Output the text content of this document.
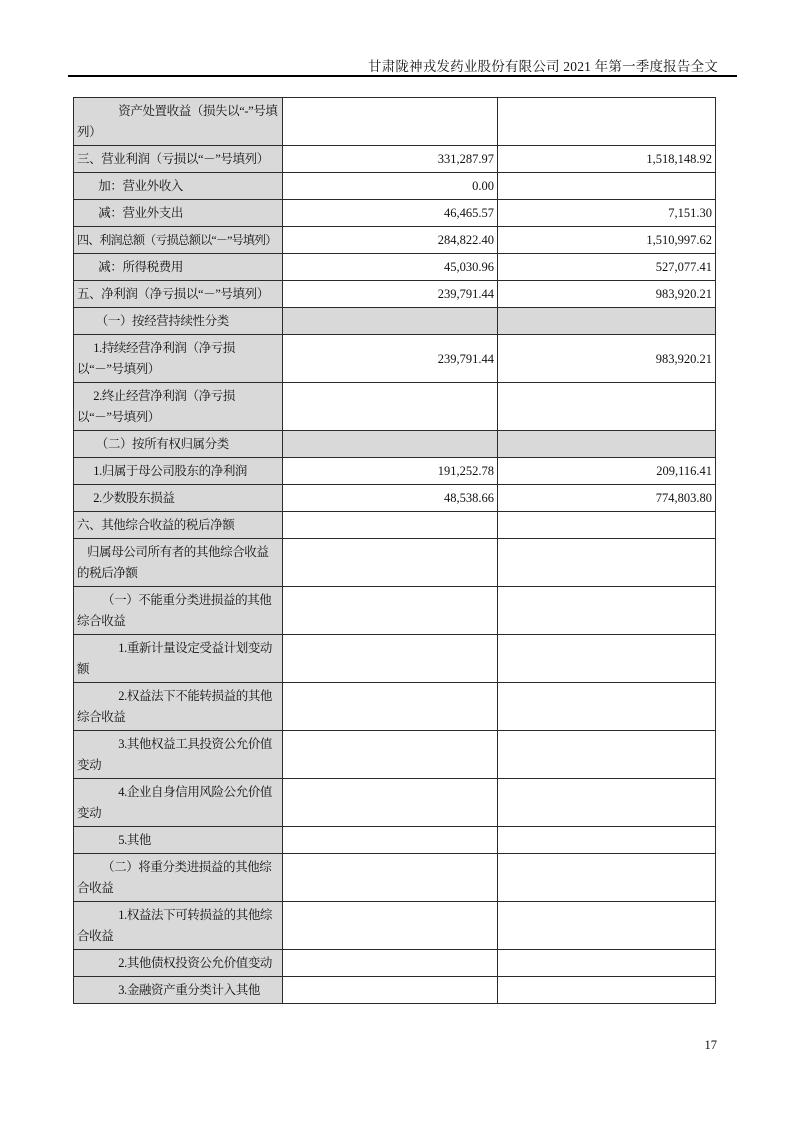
甘肃陇神戎发药业股份有限公司 2021 年第一季度报告全文
资产处置收益（损失以“-”号填列）		
三、营业利润（亏损以“－”号填列）	331,287.97	1,518,148.92
加：营业外收入	0.00	
减：营业外支出	46,465.57	7,151.30
四、利润总额（亏损总额以“－”号填列）	284,822.40	1,510,997.62
减：所得税费用	45,030.96	527,077.41
五、净利润（净亏损以“－”号填列）	239,791.44	983,920.21
（一）按经营持续性分类		
1.持续经营净利润（净亏损以“－”号填列）	239,791.44	983,920.21
2.终止经营净利润（净亏损以“－”号填列）		
（二）按所有权归属分类		
1.归属于母公司股东的净利润	191,252.78	209,116.41
2.少数股东损益	48,538.66	774,803.80
六、其他综合收益的税后净额		
归属母公司所有者的其他综合收益的税后净额		
（一）不能重分类进损益的其他综合收益		
1.重新计量设定受益计划变动额		
2.权益法下不能转损益的其他综合收益		
3.其他权益工具投资公允价值变动		
4.企业自身信用风险公允价值变动		
5.其他		
（二）将重分类进损益的其他综合收益		
1.权益法下可转损益的其他综合收益		
2.其他债权投资公允价值变动		
3.金融资产重分类计入其他		
17
